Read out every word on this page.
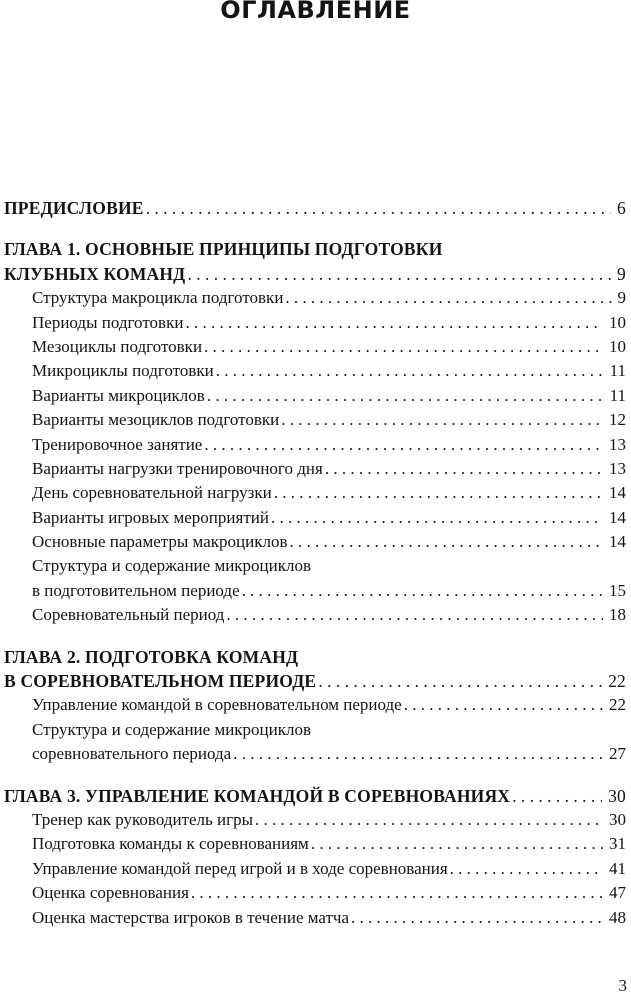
ОГЛАВЛЕНИЕ
ПРЕДИСЛОВИЕ . . .	6
ГЛАВА 1. ОСНОВНЫЕ ПРИНЦИПЫ ПОДГОТОВКИ
КЛУБНЫХ КОМАНД . . .	9
Структура макроцикла подготовки . . .	9
Периоды подготовки . . .	10
Мезоциклы подготовки . . .	10
Микроциклы подготовки . . .	11
Варианты микроциклов . . .	11
Варианты мезоциклов подготовки . . .	12
Тренировочное занятие . . .	13
Варианты нагрузки тренировочного дня . . .	13
День соревновательной нагрузки . . .	14
Варианты игровых мероприятий . . .	14
Основные параметры макроциклов . . .	14
Структура и содержание микроциклов
в подготовительном периоде . . .	15
Соревновательный период . . .	18
ГЛАВА 2. ПОДГОТОВКА КОМАНД
В СОРЕВНОВАТЕЛЬНОМ ПЕРИОДЕ . . .	22
Управление командой в соревновательном периоде . . .	22
Структура и содержание микроциклов
соревновательного периода . . .	27
ГЛАВА 3. УПРАВЛЕНИЕ КОМАНДОЙ В СОРЕВНОВАНИЯХ . . .	30
Тренер как руководитель игры . . .	30
Подготовка команды к соревнованиям . . .	31
Управление командой перед игрой и в ходе соревнования . . .	41
Оценка соревнования . . .	47
Оценка мастерства игроков в течение матча . . .	48
3
